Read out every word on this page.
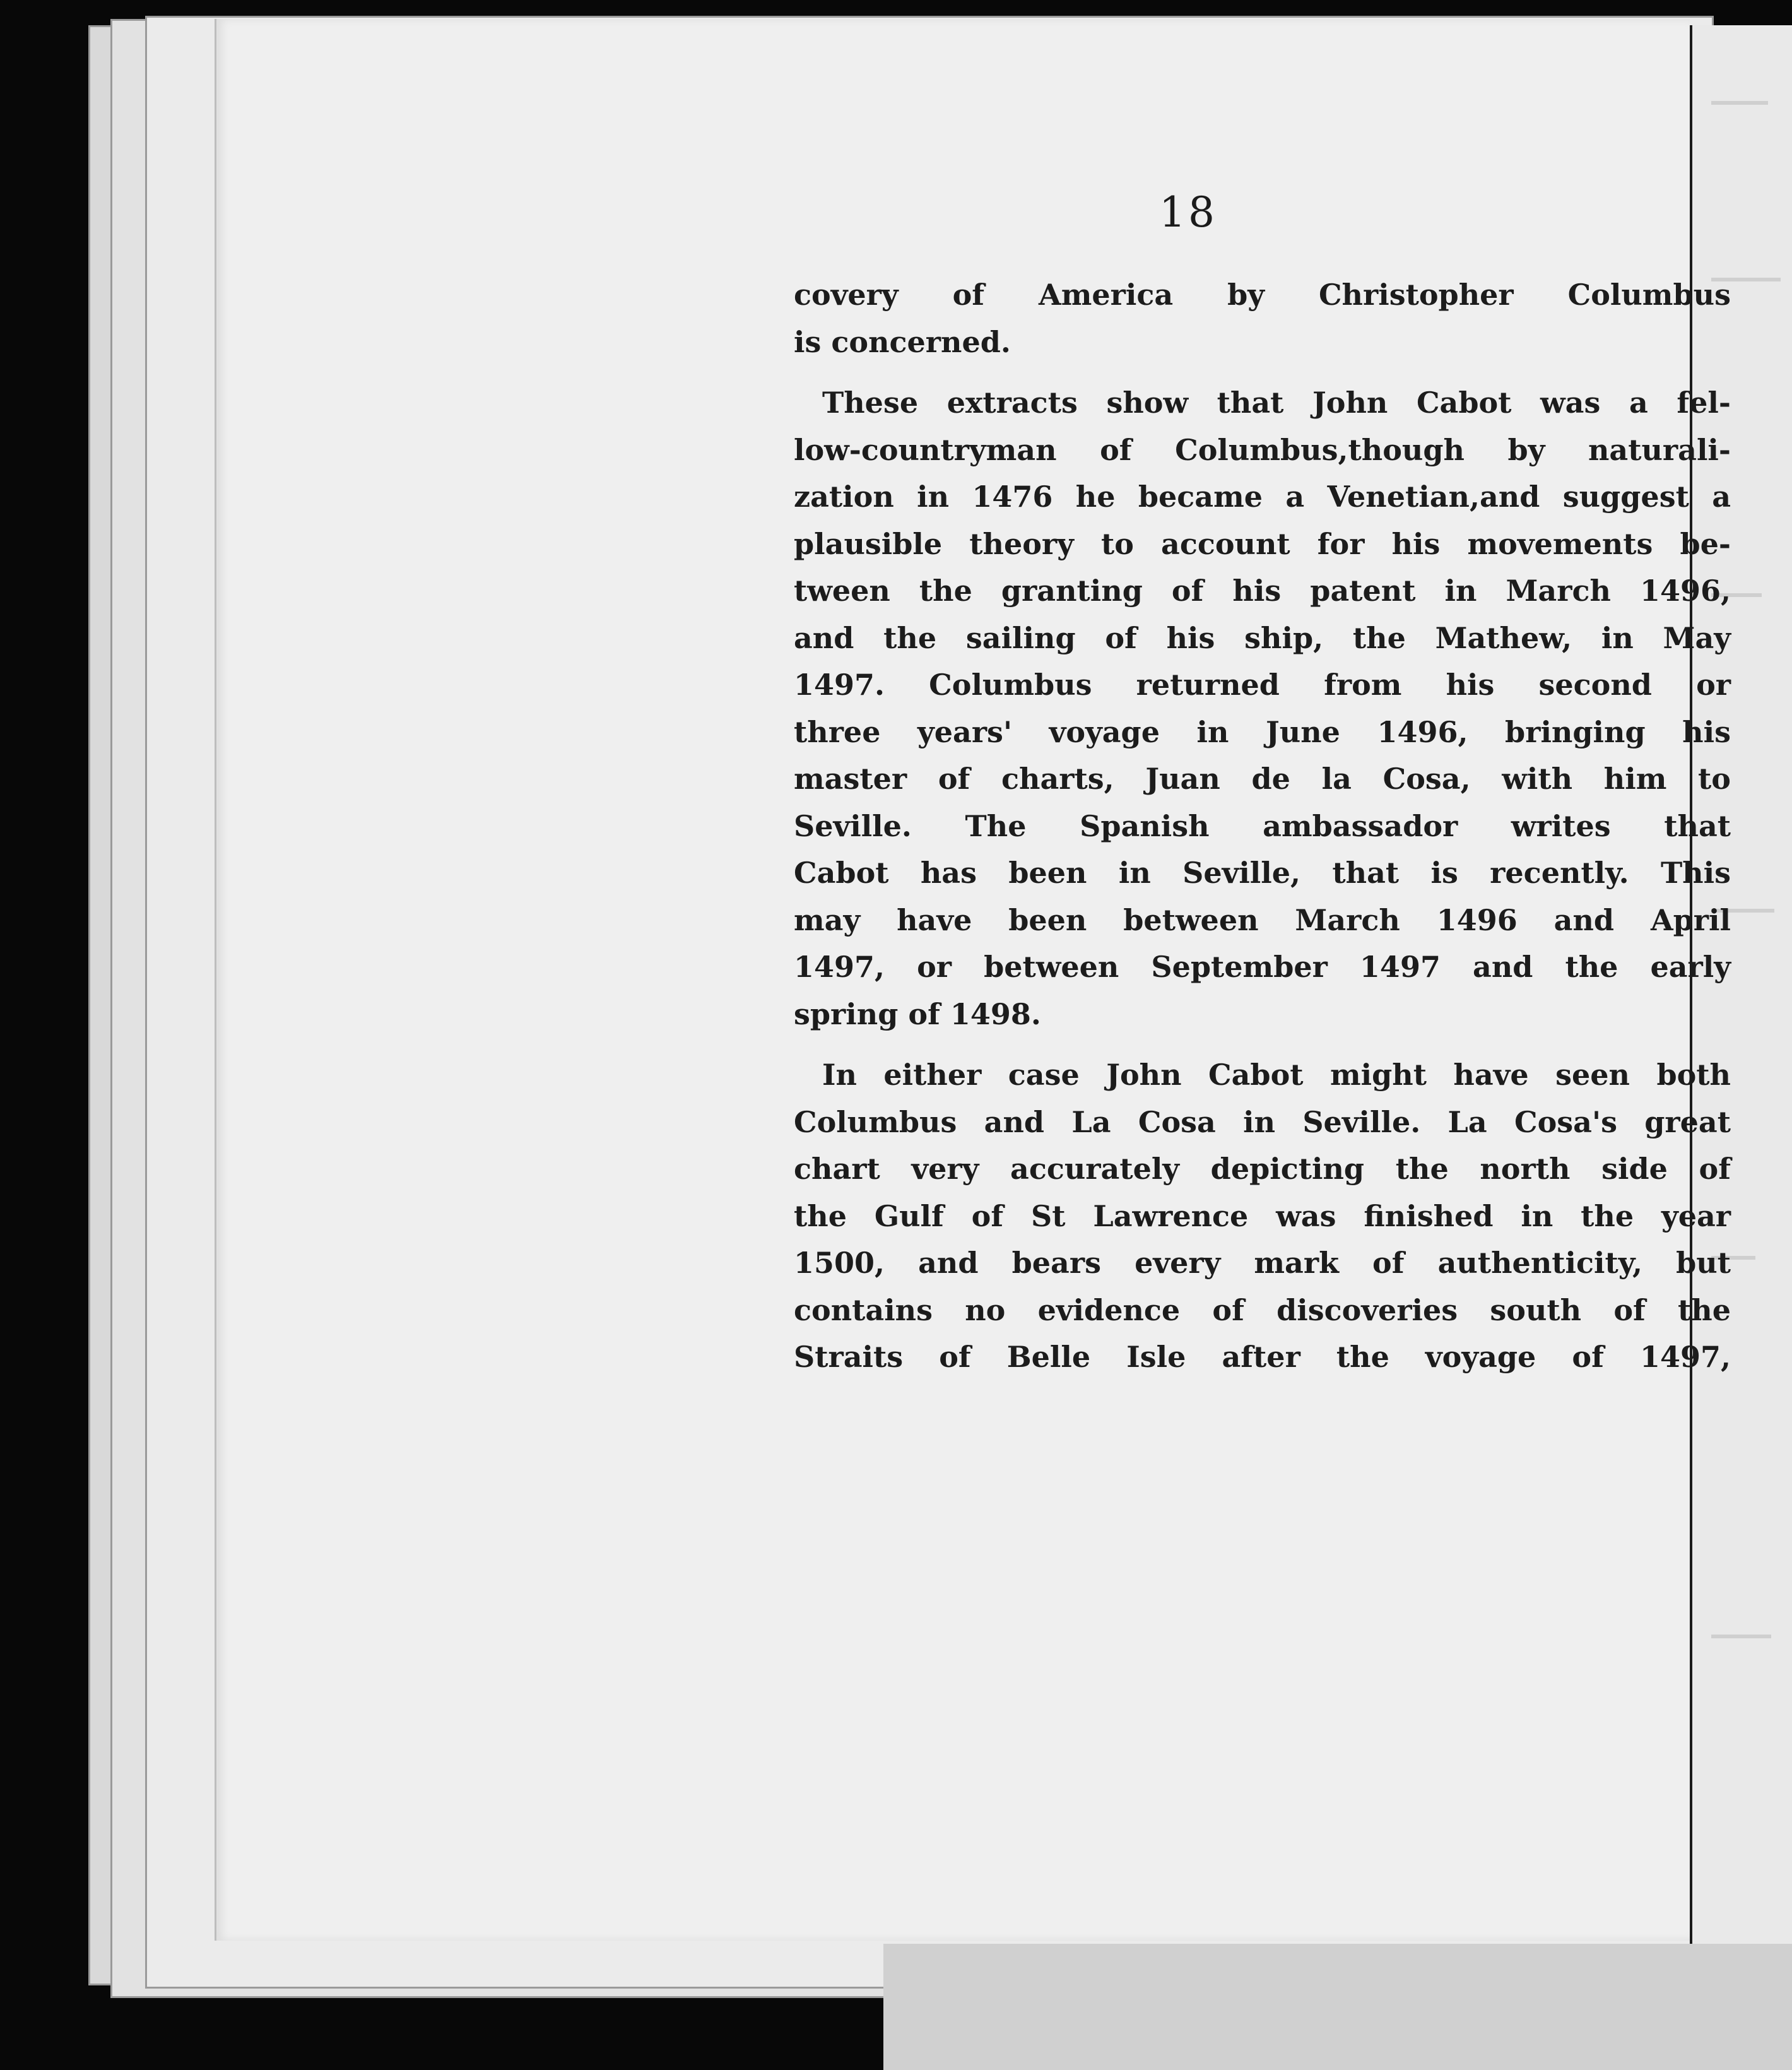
18
covery of America by Christopher Columbus
is concerned.
These extracts show that John Cabot was a fel-
low-countryman of Columbus,though by naturali-
zation in 1476 he became a Venetian,and suggest a
plausible theory to account for his movements be-
tween the granting of his patent in March 1496,
and the sailing of his ship, the Mathew, in May
1497. Columbus returned from his second or
three years' voyage in June 1496, bringing his
master of charts, Juan de la Cosa, with him to
Seville. The Spanish ambassador writes that
Cabot has been in Seville, that is recently. This
may have been between March 1496 and April
1497, or between September 1497 and the early
spring of 1498.
In either case John Cabot might have seen both
Columbus and La Cosa in Seville. La Cosa's great
chart very accurately depicting the north side of
the Gulf of St Lawrence was finished in the year
1500, and bears every mark of authenticity, but
contains no evidence of discoveries south of the
Straits of Belle Isle after the voyage of 1497,
